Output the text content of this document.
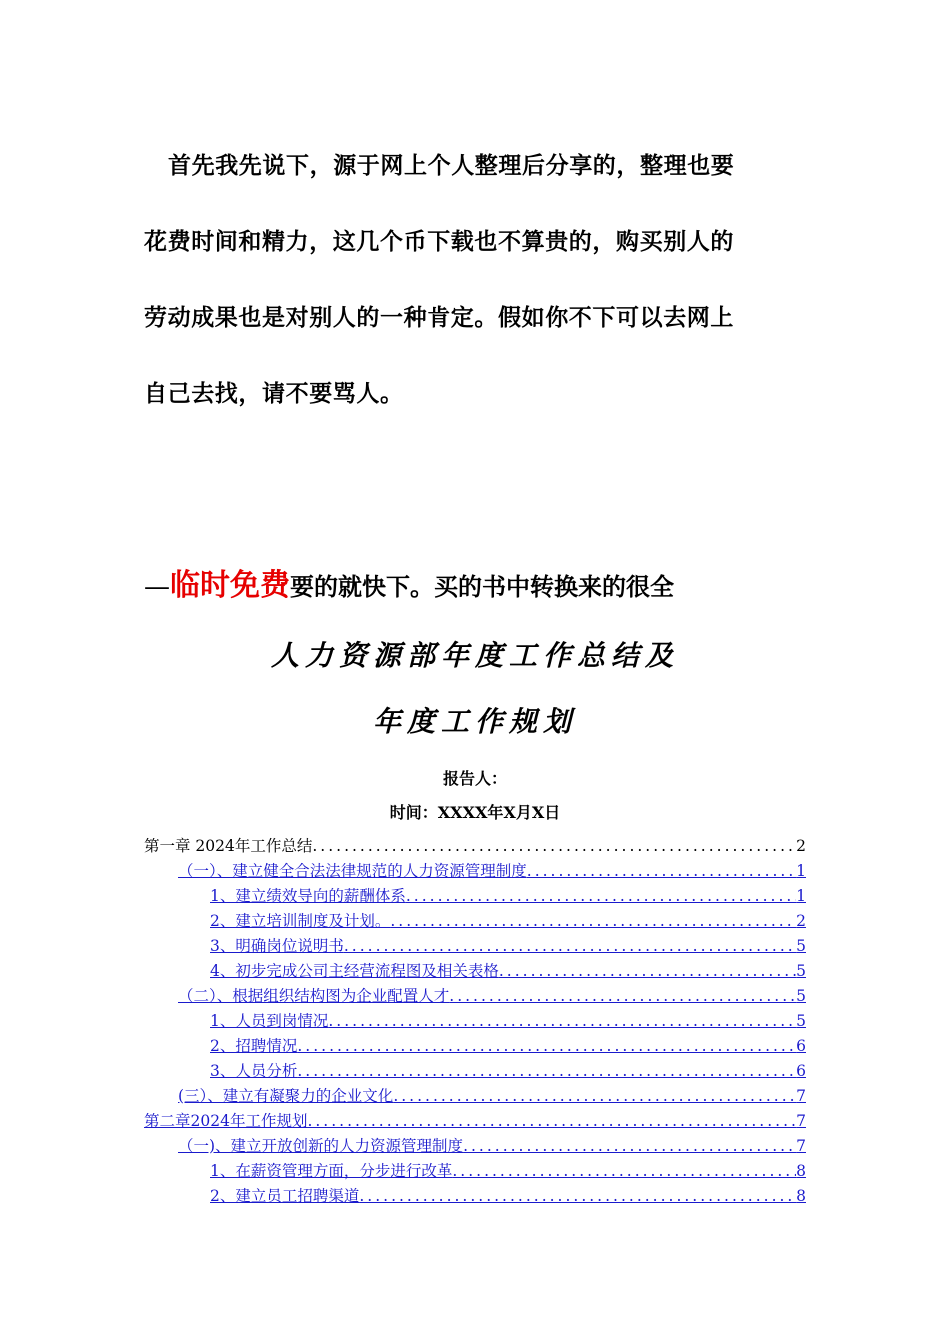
首先我先说下，源于网上个人整理后分享的，整理也要

花费时间和精力，这几个币下载也不算贵的，购买别人的

劳动成果也是对别人的一种肯定。假如你不下可以去网上

自己去找，请不要骂人。

—临时免费要的就快下。买的书中转换来的很全
人力资源部年度工作总结及
年度工作规划
报告人：
时间：XXXX年X月X日
第一章 2024年工作总结 .....	2
（一）、建立健全合法法律规范的人力资源管理制度 .....	1
1、建立绩效导向的薪酬体系 .....	1
2、建立培训制度及计划。 .....	2
3、明确岗位说明书 .....	5
4、初步完成公司主经营流程图及相关表格 .....	5
（二）、根据组织结构图为企业配置人才 .....	5
1、人员到岗情况 .....	5
2、招聘情况 .....	6
3、人员分析 .....	6
(三）、建立有凝聚力的企业文化 .....	7
第二章2024年工作规划 .....	7
（一)、建立开放创新的人力资源管理制度 .....	7
1、在薪资管理方面，分步进行改革 .....	8
2、建立员工招聘渠道 .....	8
